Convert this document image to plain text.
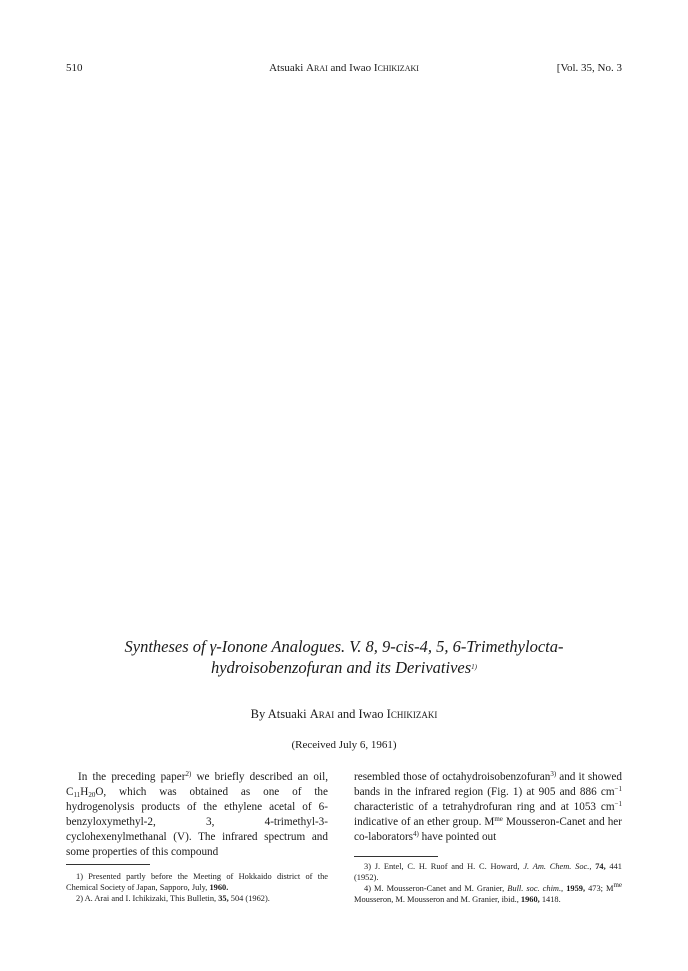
510	Atsuaki Arai and Iwao Ichikizaki	[Vol. 35, No. 3
Syntheses of γ-Ionone Analogues. V. 8, 9-cis-4, 5, 6-Trimethylocta-
hydroisobenzofuran and its Derivatives$^{1)}$
By Atsuaki Arai and Iwao Ichikizaki
(Received July 6, 1961)

In the preceding paper$^{2)}$ we briefly described an oil, $C_{11}H_{20}O$, which was obtained as one of the hydrogenolysis products of the ethylene acetal of 6-benzyloxymethyl-2, 3, 4-trimethyl-3-cyclohexenylmethanal (V). The infrared spectrum and some properties of this compound

resembled those of octahydroisobenzofuran$^{3)}$ and it showed bands in the infrared region (Fig. 1) at 905 and 886 $cm^{-1}$ characteristic of a tetrahydrofuran ring and at 1053 $cm^{-1}$ indicative of an ether group. $M^{me}$ Mousseron-Canet and her co-laborators$^{4)}$ have pointed out

1) Presented partly before the Meeting of Hokkaido district of the Chemical Society of Japan, Sapporo, July, 1960.

2) A. Arai and I. Ichikizaki, This Bulletin, 35, 504 (1962).

3) J. Entel, C. H. Ruof and H. C. Howard, J. Am. Chem. Soc., 74, 441 (1952).

4) M. Mousseron-Canet and M. Granier, Bull. soc. chim., 1959, 473; $M^{me}$ Mousseron, M. Mousseron and M. Granier, ibid., 1960, 1418.
